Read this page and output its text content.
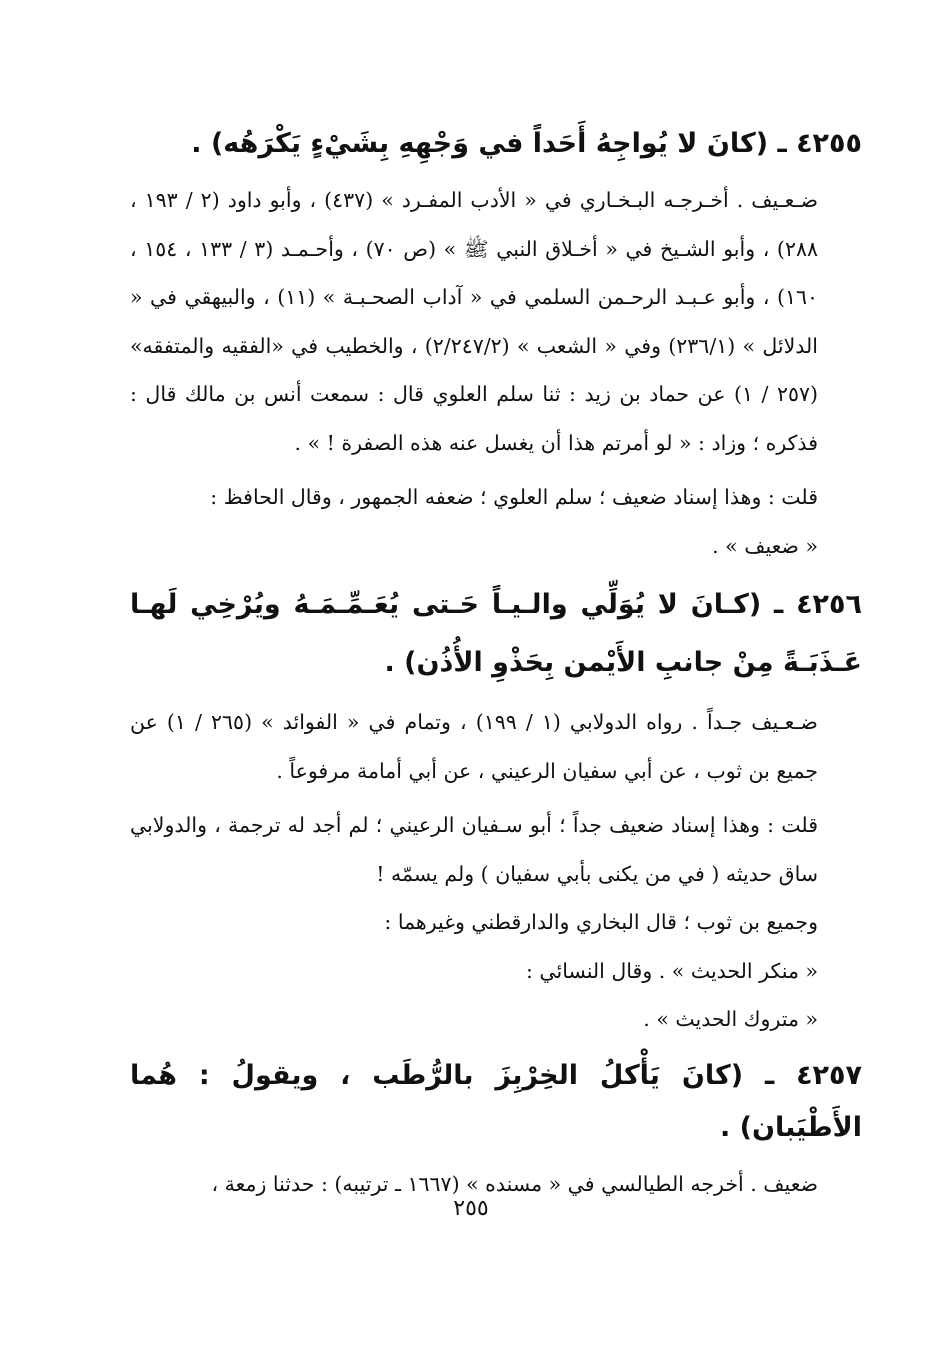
٤٢٥٥ ـ (كانَ لا يُواجِهُ أَحَداً في وَجْهِهِ بِشَيْءٍ يَكْرَهُه) .

ضـعـيف . أخـرجـه البـخـاري في « الأدب المفـرد » (٤٣٧) ، وأبو داود (٢ / ١٩٣ ، ٢٨٨) ، وأبو الشـيخ في « أخـلاق النبي ﷺ » (ص ٧٠) ، وأحـمـد (٣ / ١٣٣ ، ١٥٤ ، ١٦٠) ، وأبو عـبـد الرحـمن السلمي في « آداب الصحـبـة » (١١) ، والبيهقي في « الدلائل » (٢٣٦/١) وفي « الشعب » (٢/٢٤٧/٢) ، والخطيب في «الفقيه والمتفقه» (٢٥٧ / ١) عن حماد بن زيد : ثنا سلم العلوي قال : سمعت أنس بن مالك قال : فذكره ؛ وزاد : « لو أمرتم هذا أن يغسل عنه هذه الصفرة ! » .

قلت : وهذا إسناد ضعيف ؛ سلم العلوي ؛ ضعفه الجمهور ، وقال الحافظ :

« ضعيف » .

٤٢٥٦ ـ (كـانَ لا يُوَلِّي والـيـاً حَـتى يُعَـمِّـمَـهُ ويُرْخِي لَهـا عَـذَبَـةً مِنْ جانبِ الأَيْمن بِحَذْوِ الأُذُن) .

ضـعـيف جـداً . رواه الدولابي (١ / ١٩٩) ، وتمام في « الفوائد » (٢٦٥ / ١) عن جميع بن ثوب ، عن أبي سفيان الرعيني ، عن أبي أمامة مرفوعاً .

قلت : وهذا إسناد ضعيف جداً ؛ أبو سـفيان الرعيني ؛ لم أجد له ترجمة ، والدولابي ساق حديثه ( في من يكنى بأبي سفيان ) ولم يسمّه !

وجميع بن ثوب ؛ قال البخاري والدارقطني وغيرهما :

« منكر الحديث » . وقال النسائي :

« متروك الحديث » .

٤٢٥٧ ـ (كانَ يَأْكلُ الخِرْبِزَ بالرُّطَب ، ويقولُ : هُما الأَطْيَبان) .

ضعيف . أخرجه الطيالسي في « مسنده » (١٦٦٧ ـ ترتيبه) : حدثنا زمعة ،

٢٥٥
